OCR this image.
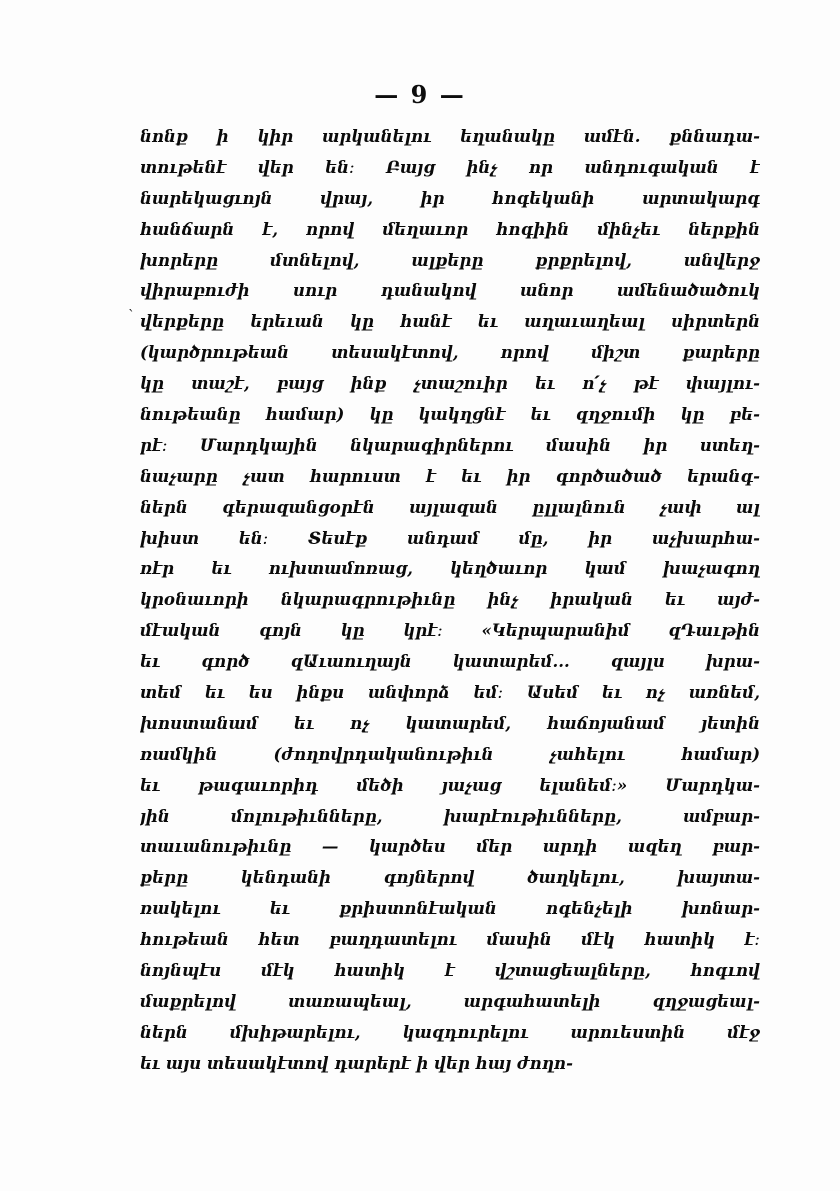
— 9 —
ˋ
նոնք ի կիր արկանելու եղանակը ամէն․ քննադա-
տութենէ վեր են։ Բայց ինչ որ անդուգական է
նարեկացւոյն վրայ, իր հոգեկանի արտակարգ
հանճարն է, որով մեղաւոր հոգիին մինչեւ ներքին
խորերը մտնելով, ալքերը քրքրելով, անվերջ
վիրաբուժի սուր դանակով անոր ամենածածուկ
վերքերը երեւան կը հանէ եւ աղաւաղեալ սիրտերն
(կարծրութեան տեսակէտով, որով միշտ քարերը
կը տաշէ, բայց ինք չտաշուիր եւ ո՛չ թէ փայլու-
նութեանը համար) կը կակղցնէ եւ զղջումի կը բե-
րէ։ Մարդկային նկարագիրներու մասին իր ստեղ-
նաչարը չատ հարուստ է եւ իր գործածած երանգ-
ներն գերազանցօրէն այլազան ըլլալնուն չափ ալ
խիստ են։ Տեսէք անդամ մը, իր աչխարհա-
ռէր եւ ուխտամոռաց, կեղծաւոր կամ խաչագող
կրօնաւորի նկարագրութիւնը ինչ իրական եւ այժ-
մէական գոյն կը կրէ։ «Կերպարանիմ զԴաւթին
եւ գործ զԱւաուղայն կատարեմ․․․ զայլս խրա-
տեմ եւ ես ինքս անփորձ եմ։ Ասեմ եւ ոչ առնեմ,
խոստանամ եւ ոչ կատարեմ, հաճոյանամ յետին
ռամկին (ժողովրդականութիւն չահելու համար)
եւ թագաւորիդ մեծի յաչաց ելանեմ։» Մարդկա-
յին մոլութիւնները, խարէութիւնները, ամբար-
տաւանութիւնը — կարծես մեր արդի ազեղ բար-
քերը կենդանի գոյներով ծաղկելու, խայտա-
ռակելու եւ քրիստոնէական ոգենչելի խոնար-
հութեան հետ բաղդատելու մասին մէկ հատիկ է։
նոյնպէս մէկ հատիկ է վշտացեալները, հոգւով
մաքրելով տառապեալ, արգահատելի զղջացեալ-
ներն մխիթարելու, կազդուրելու արուեստին մէջ
եւ այս տեսակէտով դարերէ ի վեր հայ ժողո-
